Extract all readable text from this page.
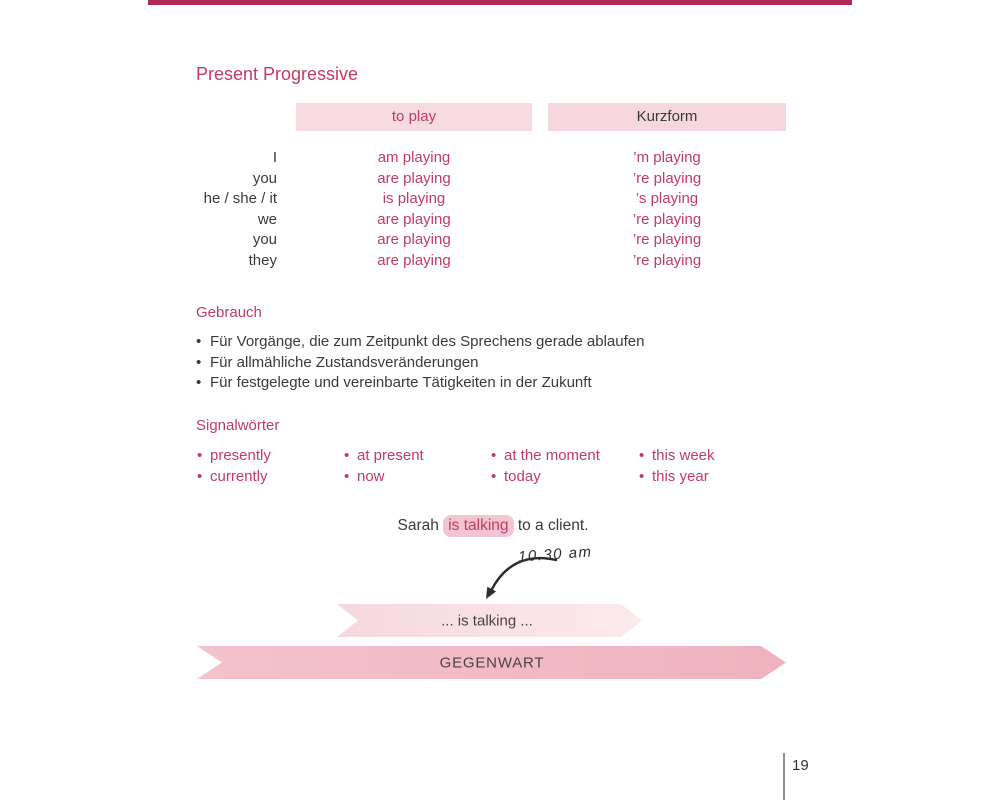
Present Progressive
to play	Kurzform
I
you
he / she / it
we
you
they
am playing
are playing
is playing
are playing
are playing
are playing
’m playing
’re playing
’s playing
’re playing
’re playing
’re playing
Gebrauch
• Für Vorgänge, die zum Zeitpunkt des Sprechens gerade ablaufen
• Für allmähliche Zustandsveränderungen
• Für festgelegte und vereinbarte Tätigkeiten in der Zukunft
Signalwörter
• presently
• currently
• at present
• now
• at the moment
• today
• this week
• this year
Sarah is talking to a client.
10.30 am
... is talking ...
GEGENWART
19
